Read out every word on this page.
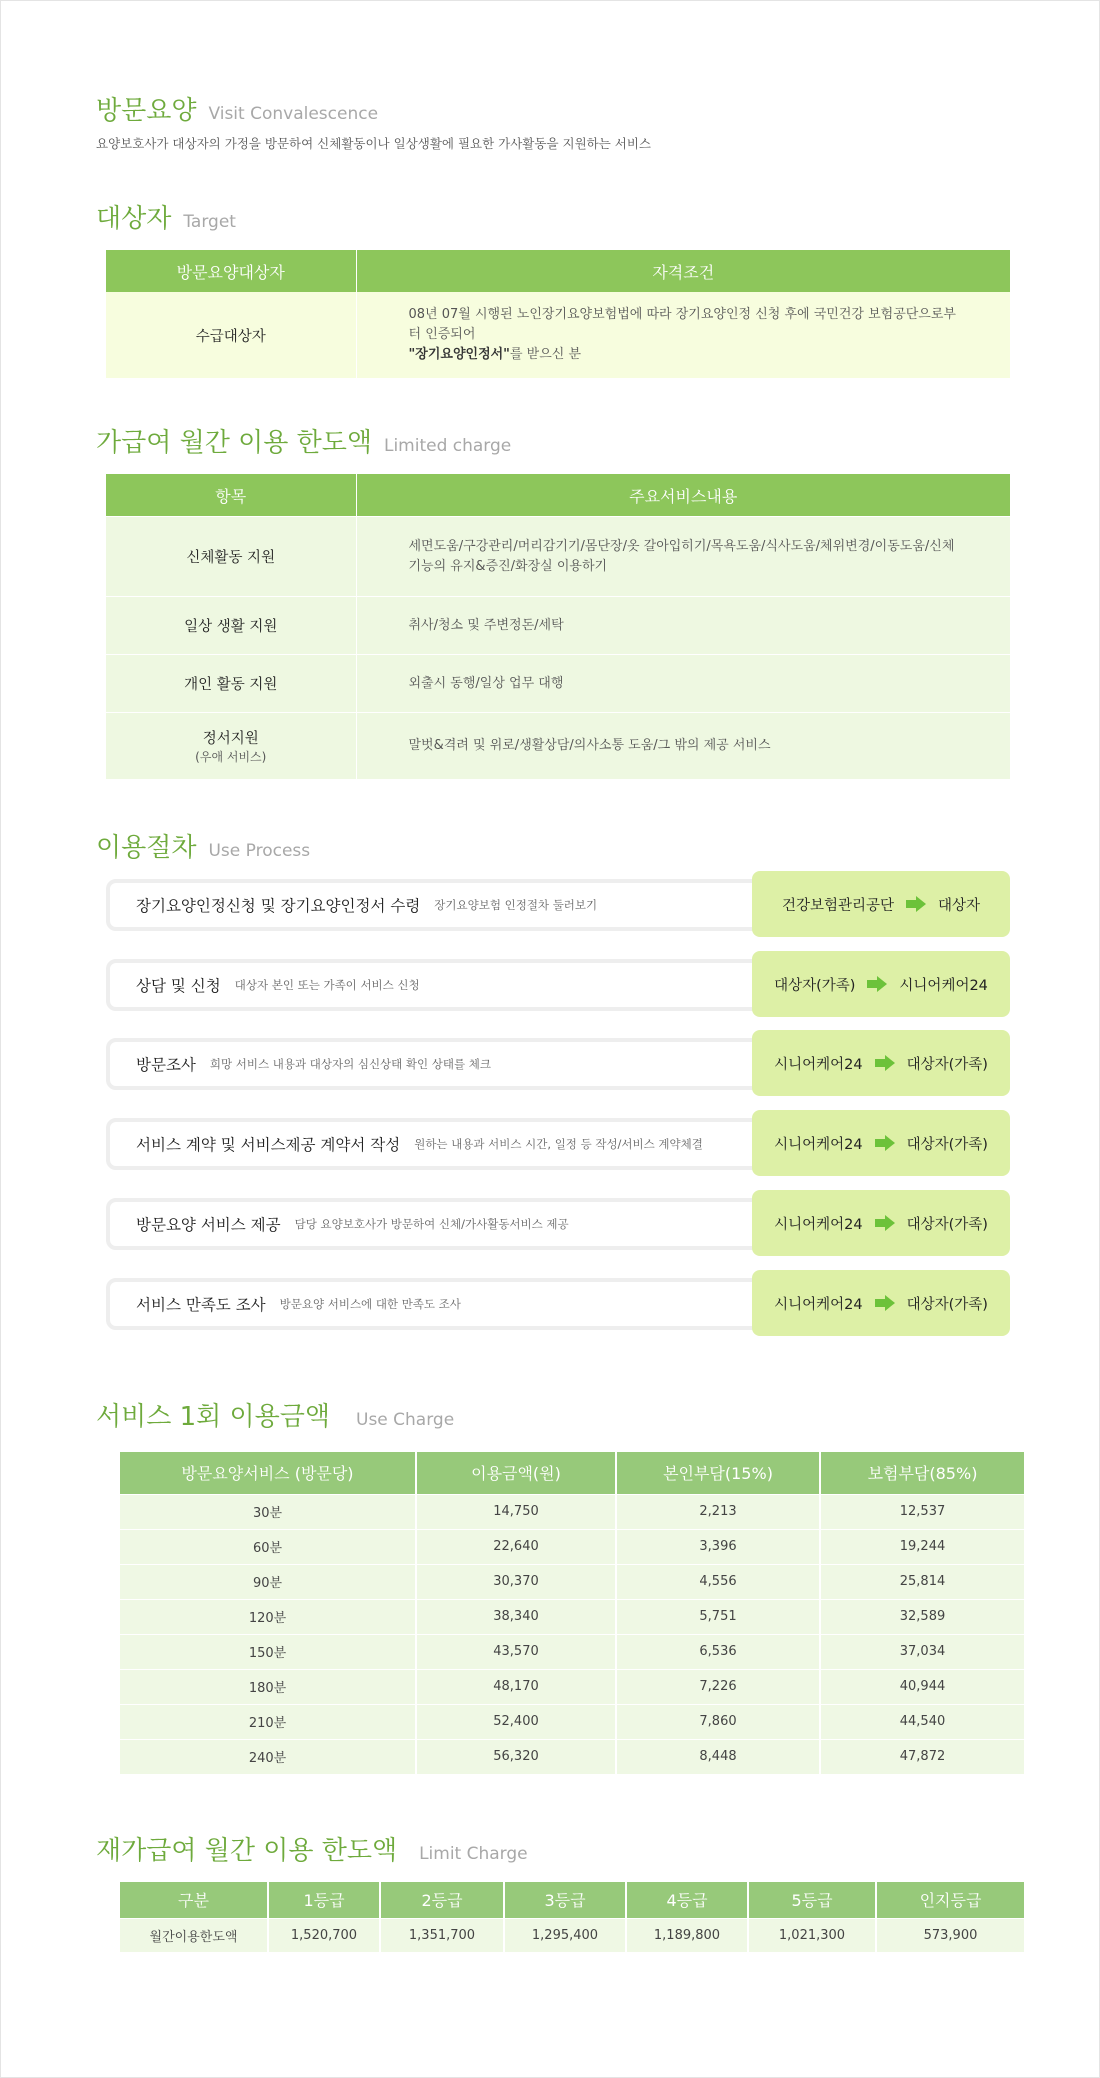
방문요양 Visit Convalescence
요양보호사가 대상자의 가정을 방문하여 신체활동이나 일상생활에 필요한 가사활동을 지원하는 서비스
대상자 Target
방문요양대상자	자격조건
수급대상자	08년 07월 시행된 노인장기요양보험법에 따라 장기요양인정 신청 후에 국민건강 보험공단으로부터 인증되어
"장기요양인정서"를 받으신 분
가급여 월간 이용 한도액 Limited charge
항목	주요서비스내용
신체활동 지원	세면도움/구강관리/머리감기기/몸단장/옷 갈아입히기/목욕도움/식사도움/체위변경/이동도움/신체기능의 유지&증진/화장실 이용하기
일상 생활 지원	취사/청소 및 주변정돈/세탁
개인 활동 지원	외출시 동행/일상 업무 대행
정서지원
(우애 서비스)	말벗&격려 및 위로/생활상담/의사소통 도움/그 밖의 제공 서비스
이용절차 Use Process
장기요양인정신청 및 장기요양인정서 수령 장기요양보험 인정절차 둘러보기	건강보험관리공단	대상자
상담 및 신청 대상자 본인 또는 가족이 서비스 신청	대상자(가족)	시니어케어24
방문조사 희망 서비스 내용과 대상자의 심신상태 확인 상태를 체크	시니어케어24	대상자(가족)
서비스 계약 및 서비스제공 계약서 작성 원하는 내용과 서비스 시간, 일정 등 작성/서비스 계약체결	시니어케어24	대상자(가족)
방문요양 서비스 제공 담당 요양보호사가 방문하여 신체/가사활동서비스 제공	시니어케어24	대상자(가족)
서비스 만족도 조사 방문요양 서비스에 대한 만족도 조사	시니어케어24	대상자(가족)
서비스 1회 이용금액 Use Charge
방문요양서비스 (방문당)	이용금액(원)	본인부담(15%)	보험부담(85%)
30분	14,750	2,213	12,537
60분	22,640	3,396	19,244
90분	30,370	4,556	25,814
120분	38,340	5,751	32,589
150분	43,570	6,536	37,034
180분	48,170	7,226	40,944
210분	52,400	7,860	44,540
240분	56,320	8,448	47,872
재가급여 월간 이용 한도액 Limit Charge
구분	1등급	2등급	3등급	4등급	5등급	인지등급
월간이용한도액	1,520,700	1,351,700	1,295,400	1,189,800	1,021,300	573,900
